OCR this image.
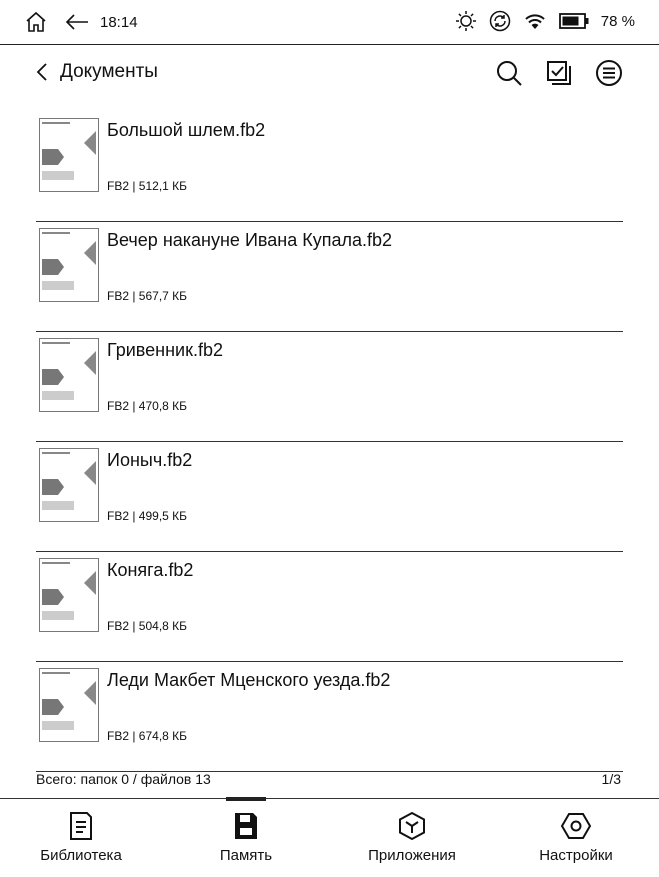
18:14	78 %
Документы
Большой шлем.fb2
FB2 | 512,1 КБ
Вечер накануне Ивана Купала.fb2
FB2 | 567,7 КБ
Гривенник.fb2
FB2 | 470,8 КБ
Ионыч.fb2
FB2 | 499,5 КБ
Коняга.fb2
FB2 | 504,8 КБ
Леди Макбет Мценского уезда.fb2
FB2 | 674,8 КБ
Всего: папок 0 / файлов 13	1/3
Библиотека	Память	Приложения	Настройки
